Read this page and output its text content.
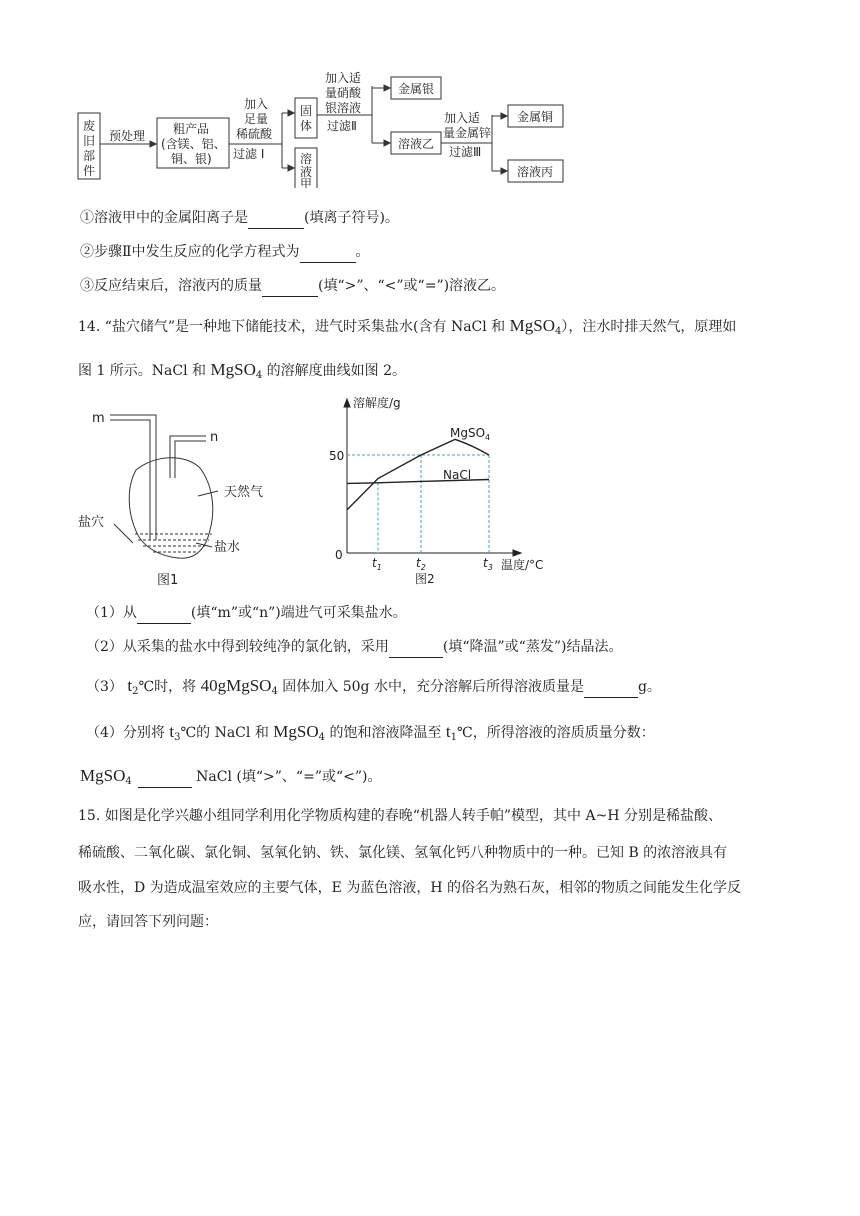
废
旧
部
件
预处理 粗产品
(含镁、铝、
铜、银)
加入
足量
稀硫酸
过滤 I
固
体
溶
液
甲
加入适
量硝酸
银溶液
过滤Ⅱ
金属银
溶液乙
加入适
量金属锌
过滤Ⅲ
金属铜
溶液丙
①溶液甲中的金属阳离子是	(填离子符号)。
②步骤Ⅱ中发生反应的化学方程式为	。
③反应结束后，溶液丙的质量	(填“>”、“<”或“=”)溶液乙。
14. “盐穴储气”是一种地下储能技术，进气时采集盐水(含有 NaCl 和 MgSO$_4$），注水时排天然气，原理如
图 1 所示。NaCl 和 MgSO$_4$ 的溶解度曲线如图 2。
m
n
天然气
盐穴
盐水
图1
溶解度/g
50
0
$t_1$	$t_2$	$t_3$ 温度/°C
MgSO$_4$
NaCl
图2
（1）从	(填“m”或“n”)端进气可采集盐水。
（2）从采集的盐水中得到较纯净的氯化钠，采用	(填“降温”或“蒸发”)结晶法。
（3） $t_2℃$时，将 40gMgSO$_4$ 固体加入 50g 水中，充分溶解后所得溶液质量是	g。
（4）分别将 $t_3℃$的 NaCl 和 MgSO$_4$ 的饱和溶液降温至 $t_1℃$，所得溶液的溶质质量分数：
MgSO$_4$	NaCl (填“>”、“=”或“<”)。
15. 如图是化学兴趣小组同学利用化学物质构建的春晚“机器人转手帕”模型，其中 A~H 分别是稀盐酸、
稀硫酸、二氧化碳、氯化铜、氢氧化钠、铁、氯化镁、氢氧化钙八种物质中的一种。已知 B 的浓溶液具有
吸水性，D 为造成温室效应的主要气体，E 为蓝色溶液，H 的俗名为熟石灰，相邻的物质之间能发生化学反
应，请回答下列问题：
